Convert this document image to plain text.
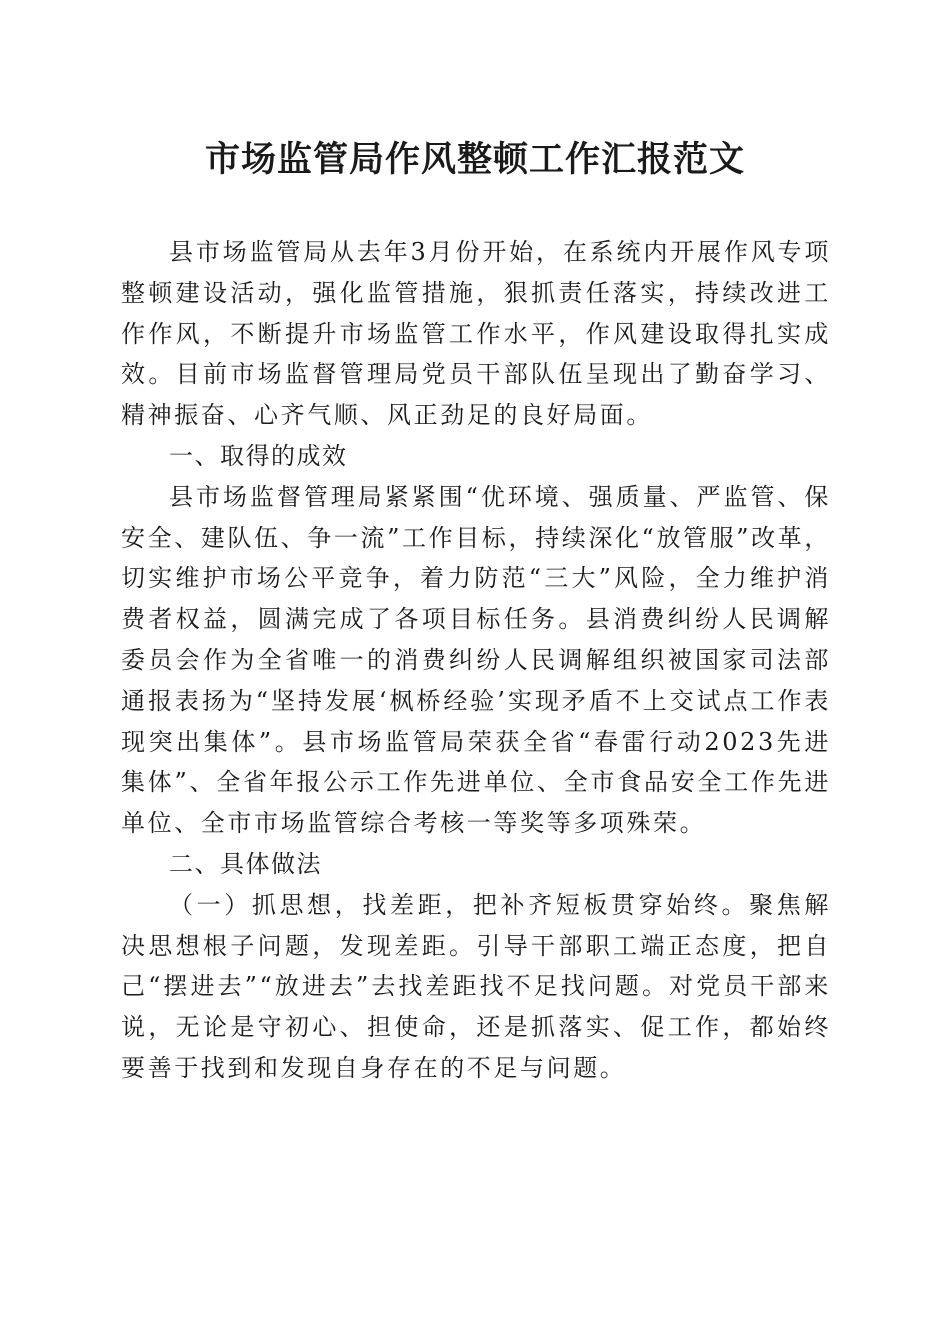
市场监管局作风整顿工作汇报范文

县市场监管局从去年3月份开始，在系统内开展作风专项整顿建设活动，强化监管措施，狠抓责任落实，持续改进工作作风，不断提升市场监管工作水平，作风建设取得扎实成效。目前市场监督管理局党员干部队伍呈现出了勤奋学习、精神振奋、心齐气顺、风正劲足的良好局面。

一、取得的成效

县市场监督管理局紧紧围“优环境、强质量、严监管、保安全、建队伍、争一流”工作目标，持续深化“放管服”改革，切实维护市场公平竞争，着力防范“三大”风险，全力维护消费者权益，圆满完成了各项目标任务。县消费纠纷人民调解委员会作为全省唯一的消费纠纷人民调解组织被国家司法部通报表扬为“坚持发展‘枫桥经验’实现矛盾不上交试点工作表现突出集体”。县市场监管局荣获全省“春雷行动2023先进集体”、全省年报公示工作先进单位、全市食品安全工作先进单位、全市市场监管综合考核一等奖等多项殊荣。

二、具体做法

（一）抓思想，找差距，把补齐短板贯穿始终。聚焦解决思想根子问题，发现差距。引导干部职工端正态度，把自己“摆进去”“放进去”去找差距找不足找问题。对党员干部来说，无论是守初心、担使命，还是抓落实、促工作，都始终要善于找到和发现自身存在的不足与问题。
